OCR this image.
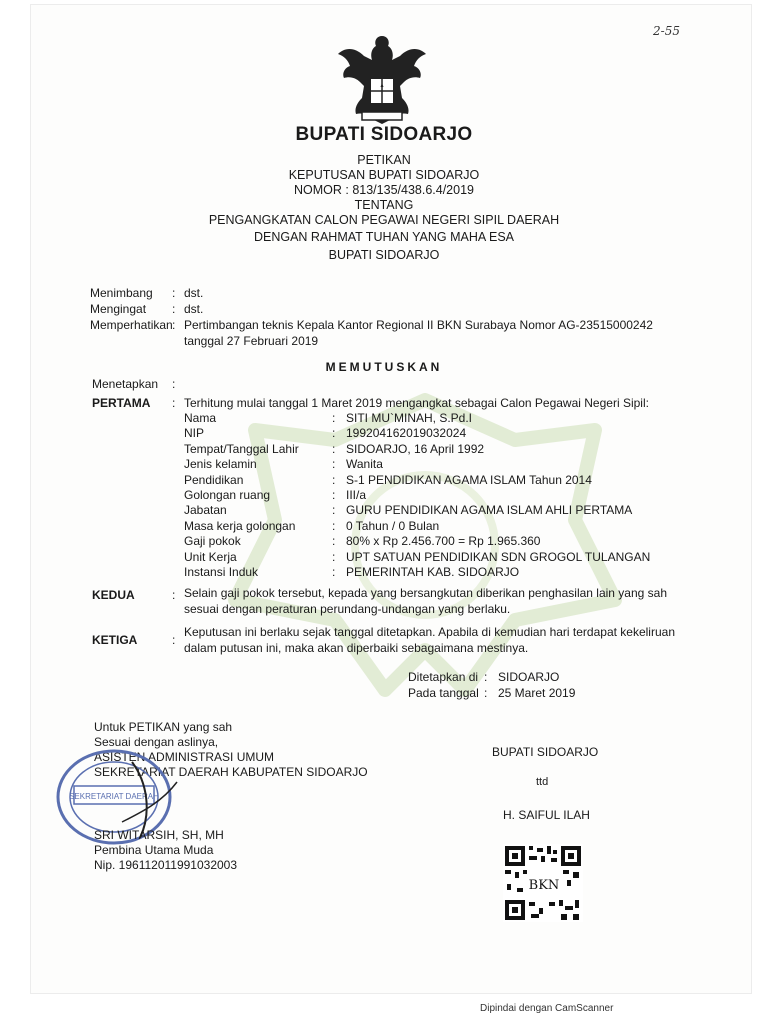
2-55
BUPATI SIDOARJO
PETIKAN
KEPUTUSAN BUPATI SIDOARJO
NOMOR : 813/135/438.6.4/2019
TENTANG
PENGANGKATAN CALON PEGAWAI NEGERI SIPIL DAERAH
DENGAN RAHMAT TUHAN YANG MAHA ESA
BUPATI SIDOARJO
Menimbang : dst.
Mengingat : dst.
Memperhatikan : Pertimbangan teknis Kepala Kantor Regional II BKN Surabaya Nomor AG-23515000242
tanggal 27 Februari 2019
MEMUTUSKAN
Menetapkan :
PERTAMA : Terhitung mulai tanggal 1 Maret 2019 mengangkat sebagai Calon Pegawai Negeri Sipil:
Nama	: SITI MU`MINAH, S.Pd.I
NIP	: 199204162019032024
Tempat/Tanggal Lahir	: SIDOARJO, 16 April 1992
Jenis kelamin	: Wanita
Pendidikan	: S-1 PENDIDIKAN AGAMA ISLAM Tahun 2014
Golongan ruang	: III/a
Jabatan	: GURU PENDIDIKAN AGAMA ISLAM AHLI PERTAMA
Masa kerja golongan	: 0 Tahun / 0 Bulan
Gaji pokok	: 80% x Rp 2.456.700 = Rp 1.965.360
Unit Kerja	: UPT SATUAN PENDIDIKAN SDN GROGOL TULANGAN
Instansi Induk	: PEMERINTAH KAB. SIDOARJO
KEDUA	: Selain gaji pokok tersebut, kepada yang bersangkutan diberikan penghasilan lain yang sah
sesuai dengan peraturan perundang-undangan yang berlaku.
KETIGA	:
Keputusan ini berlaku sejak tanggal ditetapkan. Apabila di kemudian hari terdapat kekeliruan
dalam putusan ini, maka akan diperbaiki sebagaimana mestinya.
Ditetapkan di : SIDOARJO
Pada tanggal : 25 Maret 2019
Untuk PETIKAN yang sah
Sesuai dengan aslinya,
ASISTEN ADMINISTRASI UMUM
SEKRETARIAT DAERAH KABUPATEN SIDOARJO
SEKRETARIAT DAERAH
SRI WITARSIH, SH, MH
Pembina Utama Muda
Nip. 196112011991032003
BUPATI SIDOARJO
ttd
H. SAIFUL ILAH
BKN
Dipindai dengan CamScanner
